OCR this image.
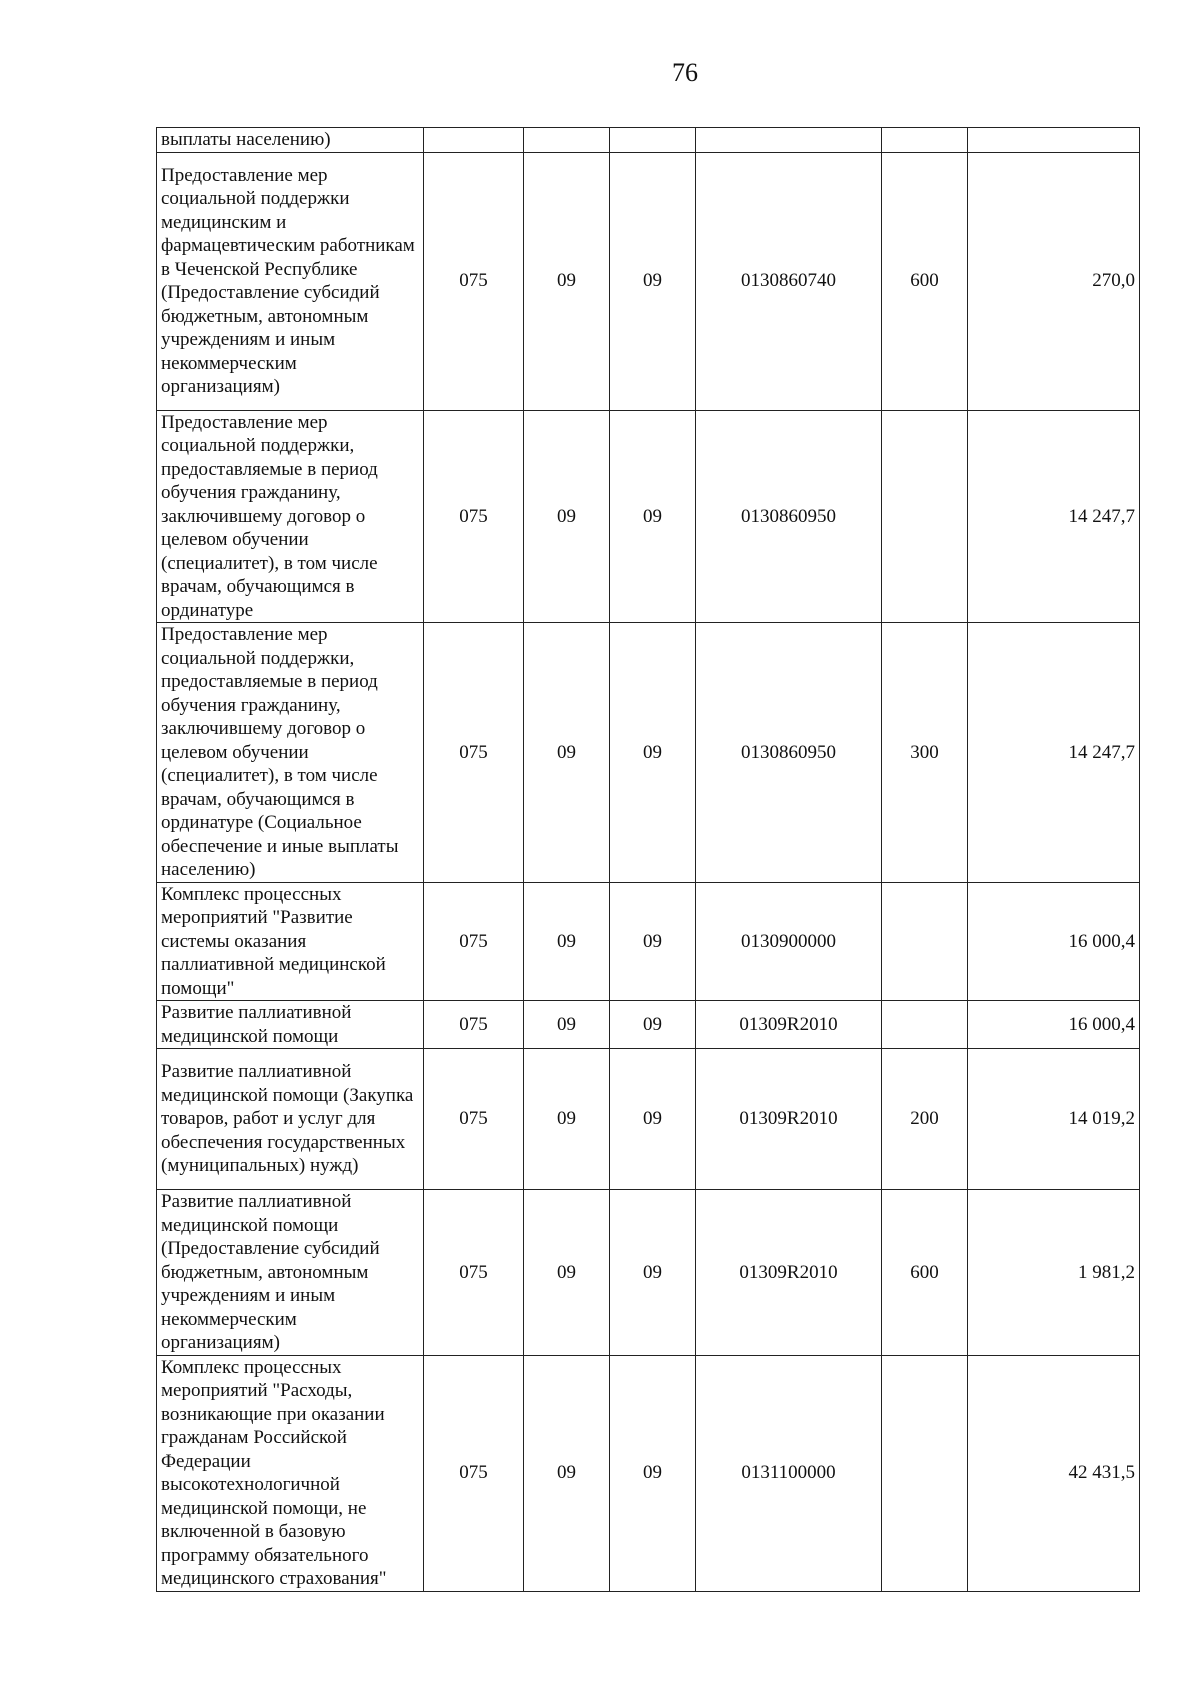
76
выплаты населению)						
Предоставление мер социальной поддержки медицинским и фармацевтическим работникам в Чеченской Республике (Предоставление субсидий бюджетным, автономным учреждениям и иным некоммерческим организациям)	075	09	09	0130860740	600	270,0
Предоставление мер социальной поддержки, предоставляемые в период обучения гражданину, заключившему договор о целевом обучении (специалитет), в том числе врачам, обучающимся в ординатуре	075	09	09	0130860950		14 247,7
Предоставление мер социальной поддержки, предоставляемые в период обучения гражданину, заключившему договор о целевом обучении (специалитет), в том числе врачам, обучающимся в ординатуре (Социальное обеспечение и иные выплаты населению)	075	09	09	0130860950	300	14 247,7
Комплекс процессных мероприятий "Развитие системы оказания паллиативной медицинской помощи"	075	09	09	0130900000		16 000,4
Развитие паллиативной медицинской помощи	075	09	09	01309R2010		16 000,4
Развитие паллиативной медицинской помощи (Закупка товаров, работ и услуг для обеспечения государственных (муниципальных) нужд)	075	09	09	01309R2010	200	14 019,2
Развитие паллиативной медицинской помощи (Предоставление субсидий бюджетным, автономным учреждениям и иным некоммерческим организациям)	075	09	09	01309R2010	600	1 981,2
Комплекс процессных мероприятий "Расходы, возникающие при оказании гражданам Российской Федерации высокотехнологичной медицинской помощи, не включенной в базовую программу обязательного медицинского страхования"	075	09	09	0131100000		42 431,5
